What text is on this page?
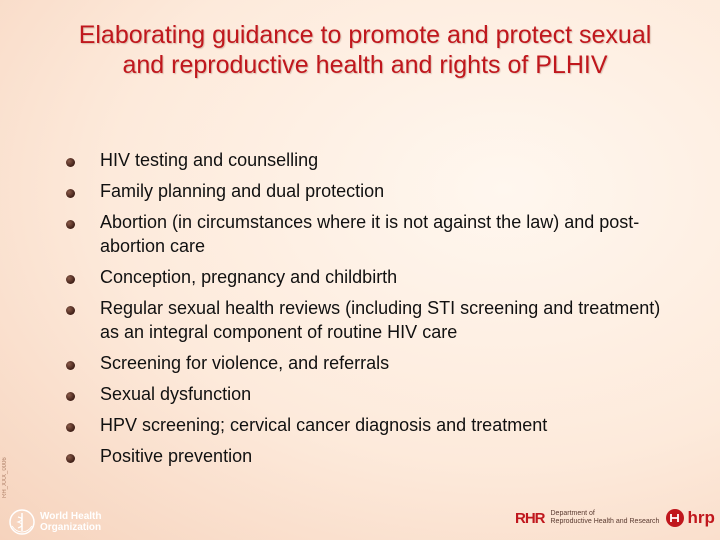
Elaborating guidance to promote and protect sexual and reproductive health and rights of PLHIV
HIV testing and counselling
Family planning and dual protection
Abortion (in circumstances where it is not against the law) and post-abortion care
Conception, pregnancy and childbirth
Regular sexual health reviews (including STI screening and treatment) as an integral component of routine HIV care
Screening for violence, and referrals
Sexual dysfunction
HPV screening; cervical cancer diagnosis and treatment
Positive prevention
RH_XXX_0006
World Health
Organization
RHR Department of
Reproductive Health and Research hrp
